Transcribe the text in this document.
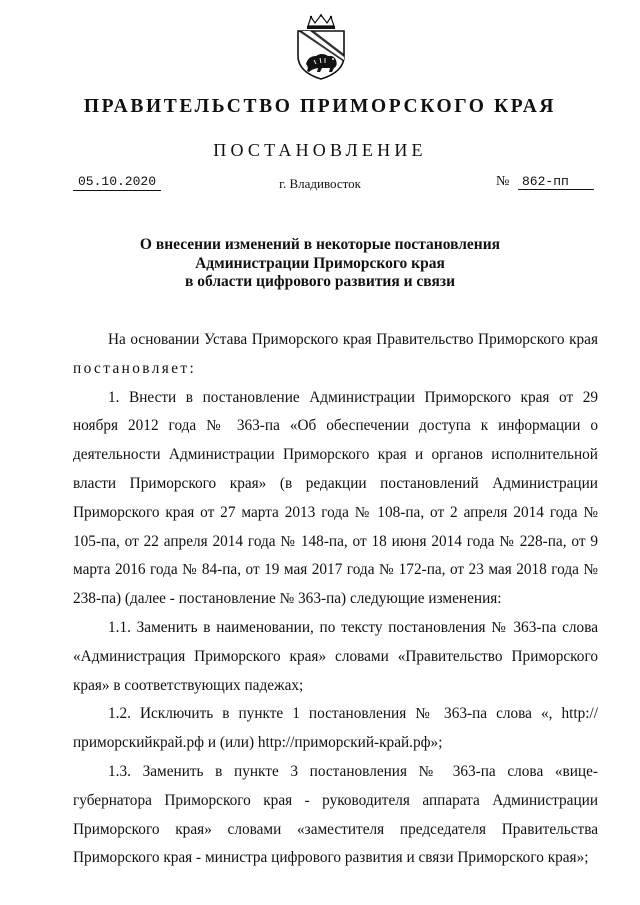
ПРАВИТЕЛЬСТВО ПРИМОРСКОГО КРАЯ
ПОСТАНОВЛЕНИЕ
05.10.2020	г. Владивосток	№ 862-пп
О внесении изменений в некоторые постановления
Администрации Приморского края
в области цифрового развития и связи

На основании Устава Приморского края Правительство Приморского края

постановляет:

1. Внести в постановление Администрации Приморского края от 29 ноября 2012 года № 363-па «Об обеспечении доступа к информации о деятельности Администрации Приморского края и органов исполнительной власти Приморского края» (в редакции постановлений Администрации Приморского края от 27 марта 2013 года № 108-па, от 2 апреля 2014 года № 105-па, от 22 апреля 2014 года № 148-па, от 18 июня 2014 года № 228-па, от 9 марта 2016 года № 84-па, от 19 мая 2017 года № 172-па, от 23 мая 2018 года № 238-па) (далее - постановление № 363-па) следующие изменения:

1.1. Заменить в наименовании, по тексту постановления № 363-па слова «Администрация Приморского края» словами «Правительство Приморского края» в соответствующих падежах;

1.2. Исключить в пункте 1 постановления № 363-па слова «, http://приморскийкрай.рф и (или) http://приморский-край.рф»;

1.3. Заменить в пункте 3 постановления № 363-па слова «вице-губернатора Приморского края - руководителя аппарата Администрации Приморского края» словами «заместителя председателя Правительства Приморского края - министра цифрового развития и связи Приморского края»;
